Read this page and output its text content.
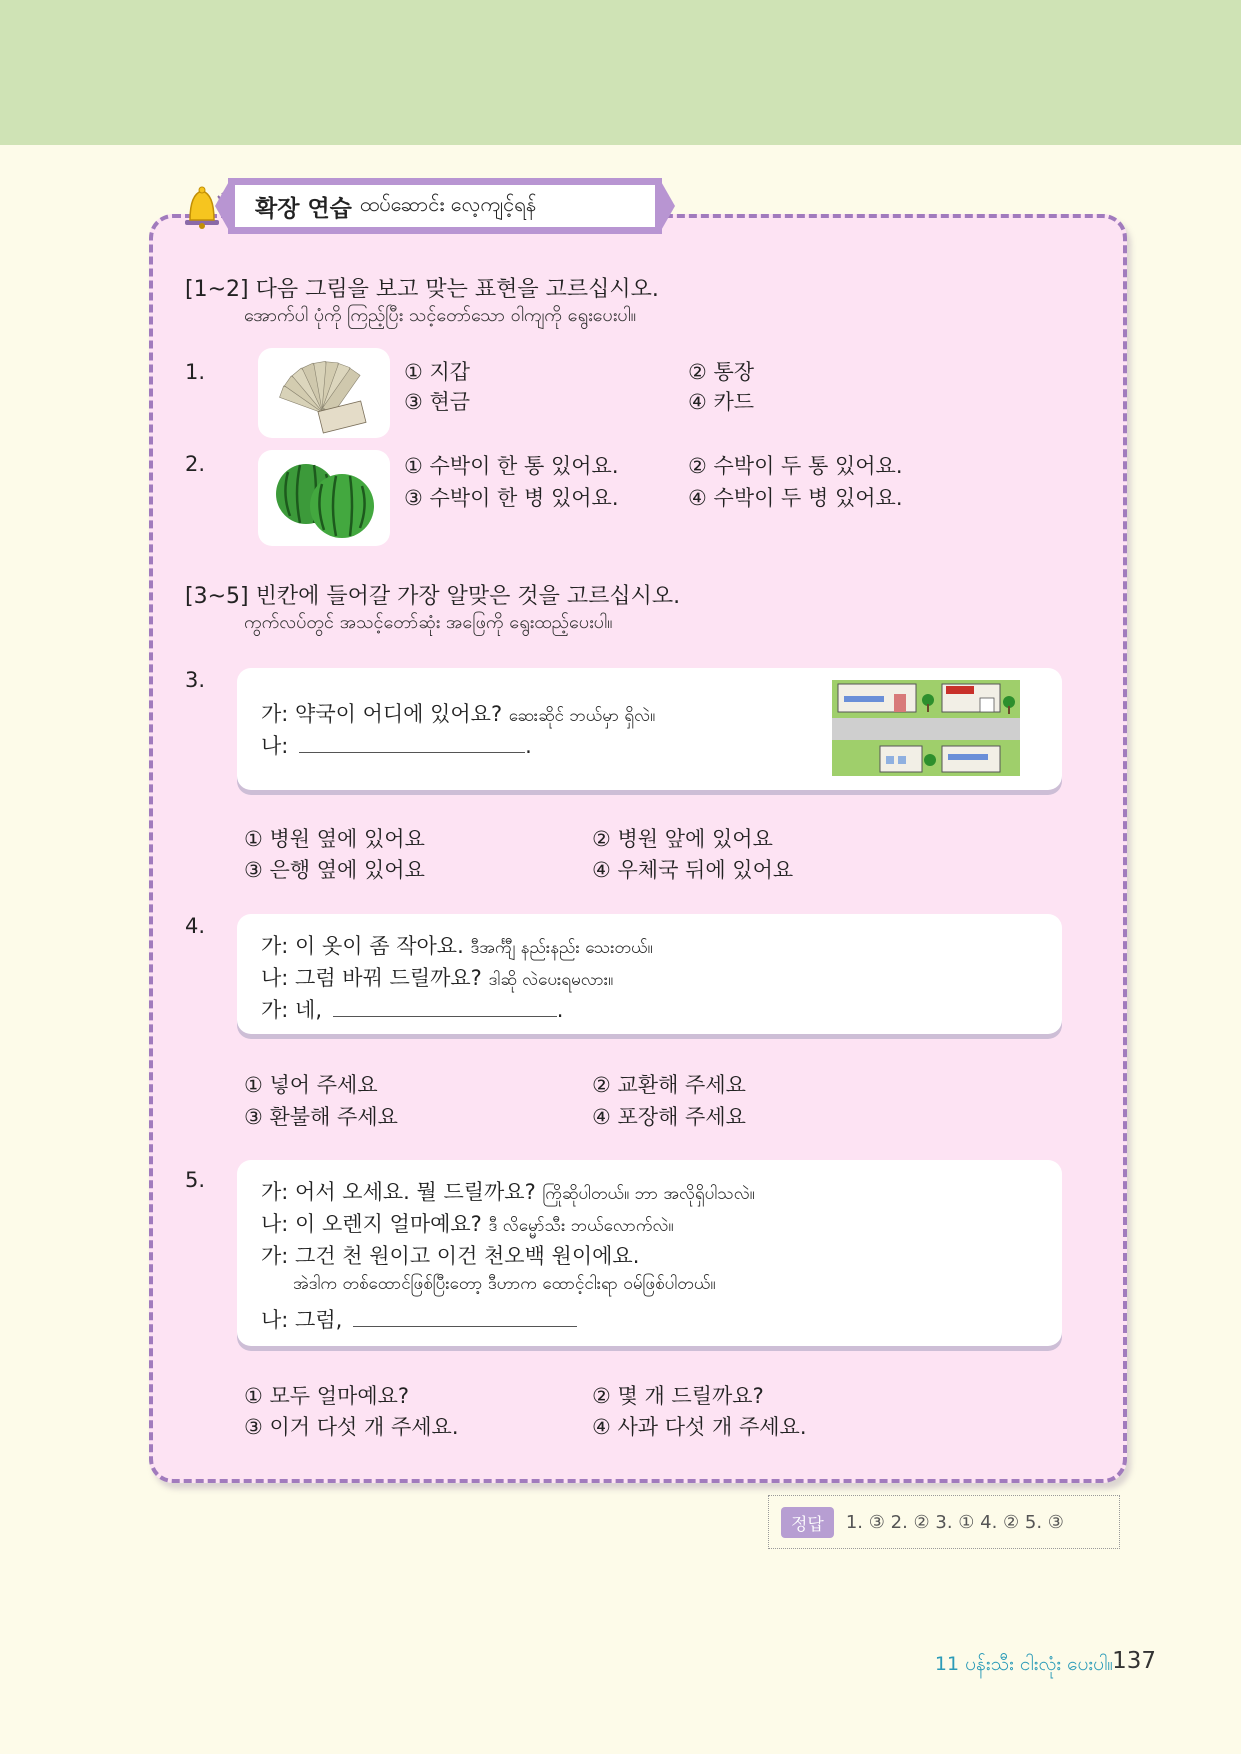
확장 연습 ထပ်ဆောင်း လေ့ကျင့်ရန်
[1~2] 다음 그림을 보고 맞는 표현을 고르십시오.
အောက်ပါ ပုံကို ကြည့်ပြီး သင့်တော်သော ဝါကျကို ရွေးပေးပါ။
1.	① 지갑	② 통장
③ 현금	④ 카드
2.	① 수박이 한 통 있어요.	② 수박이 두 통 있어요.
③ 수박이 한 병 있어요.	④ 수박이 두 병 있어요.
[3~5] 빈칸에 들어갈 가장 알맞은 것을 고르십시오.
ကွက်လပ်တွင် အသင့်တော်ဆုံး အဖြေကို ရွေးထည့်ပေးပါ။
3.
가: 약국이 어디에 있어요? ဆေးဆိုင် ဘယ်မှာ ရှိလဲ။
나:	.
① 병원 옆에 있어요	② 병원 앞에 있어요
③ 은행 옆에 있어요	④ 우체국 뒤에 있어요
4.
가: 이 옷이 좀 작아요. ဒီအင်္ကျီ နည်းနည်း သေးတယ်။
나: 그럼 바꿔 드릴까요? ဒါဆို လဲပေးရမလား။
가: 네,	.
① 넣어 주세요	② 교환해 주세요
③ 환불해 주세요	④ 포장해 주세요
5.	가: 어서 오세요. 뭘 드릴까요? ကြိုဆိုပါတယ်။ ဘာ အလိုရှိပါသလဲ။
나: 이 오렌지 얼마예요? ဒီ လိမ္မော်သီး ဘယ်လောက်လဲ။
가: 그건 천 원이고 이건 천오백 원이에요.
အဲဒါက တစ်ထောင်ဖြစ်ပြီးတော့ ဒီဟာက ထောင့်ငါးရာ ဝမ်ဖြစ်ပါတယ်။
나: 그럼,
① 모두 얼마예요?	② 몇 개 드릴까요?
③ 이거 다섯 개 주세요.	④ 사과 다섯 개 주세요.
정답	1. ③ 2. ② 3. ① 4. ② 5. ③
11 ပန်းသီး ငါးလုံး ပေးပါ။ 137
